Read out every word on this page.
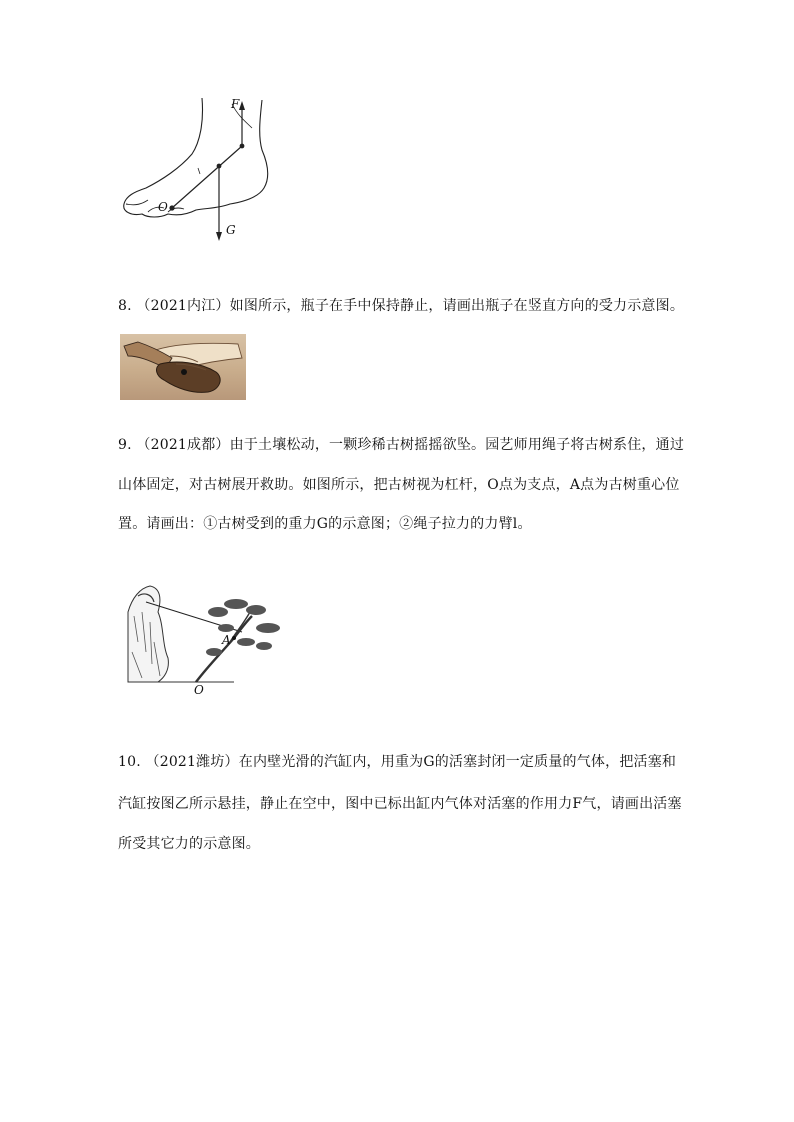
F
O
G
8. （2021内江）如图所示，瓶子在手中保持静止，请画出瓶子在竖直方向的受力示意图。
9. （2021成都）由于土壤松动，一颗珍稀古树摇摇欲坠。园艺师用绳子将古树系住，通过
山体固定，对古树展开救助。如图所示，把古树视为杠杆，O点为支点，A点为古树重心位
置。请画出：①古树受到的重力G的示意图；②绳子拉力的力臂l。
A
O
10. （2021潍坊）在内壁光滑的汽缸内，用重为G的活塞封闭一定质量的气体，把活塞和
汽缸按图乙所示悬挂，静止在空中，图中已标出缸内气体对活塞的作用力F气，请画出活塞
所受其它力的示意图。
